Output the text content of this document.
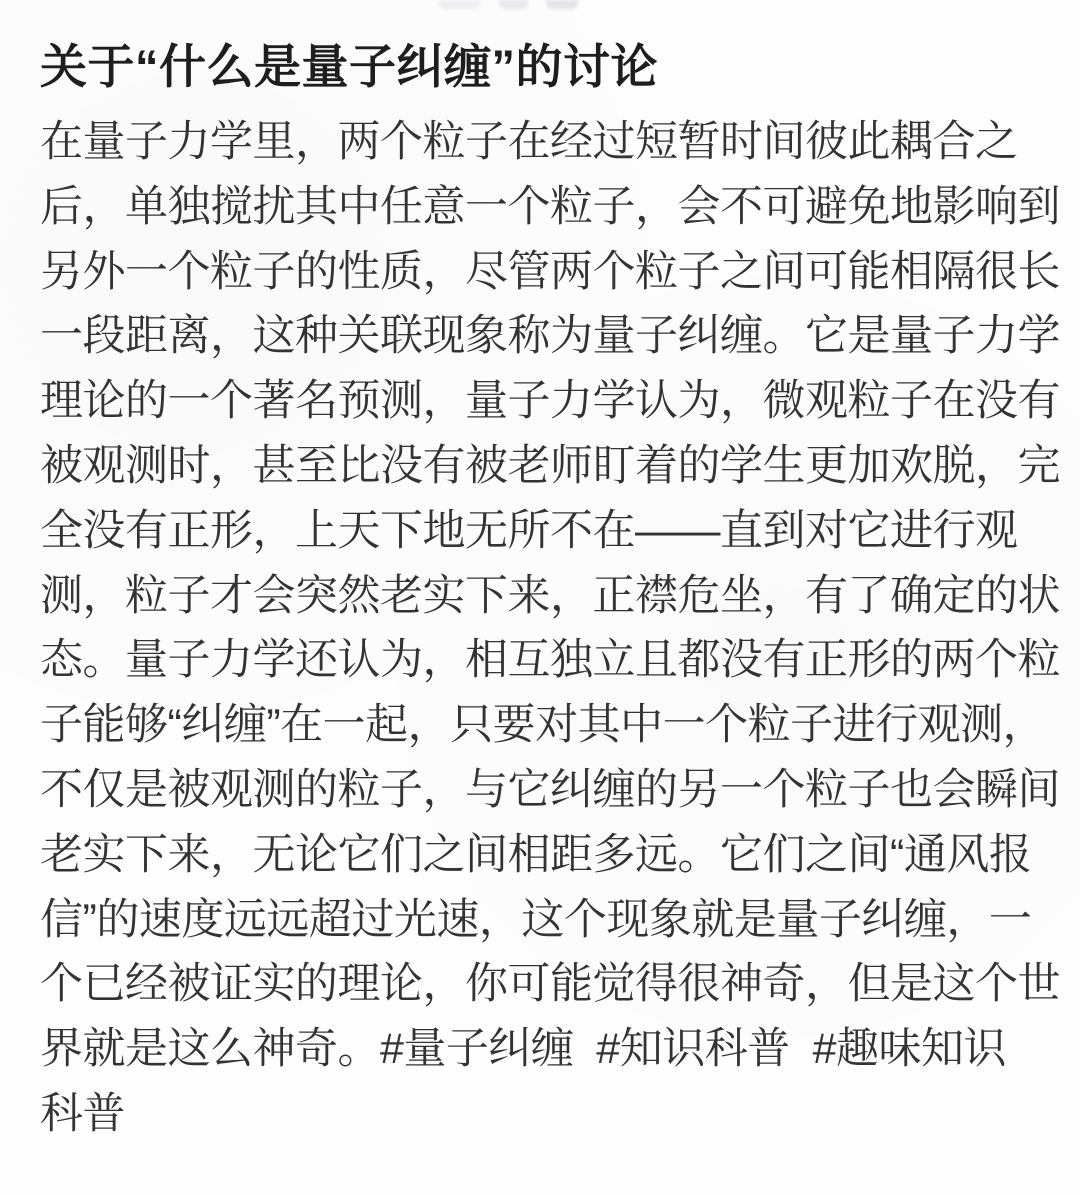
关于“什么是量子纠缠”的讨论
在量子力学里，两个粒子在经过短暂时间彼此耦合之
后，单独搅扰其中任意一个粒子，会不可避免地影响到
另外一个粒子的性质，尽管两个粒子之间可能相隔很长
一段距离，这种关联现象称为量子纠缠。它是量子力学
理论的一个著名预测，量子力学认为，微观粒子在没有
被观测时，甚至比没有被老师盯着的学生更加欢脱，完
全没有正形，上天下地无所不在——直到对它进行观
测，粒子才会突然老实下来，正襟危坐，有了确定的状
态。量子力学还认为，相互独立且都没有正形的两个粒
子能够“纠缠”在一起，只要对其中一个粒子进行观测，
不仅是被观测的粒子，与它纠缠的另一个粒子也会瞬间
老实下来，无论它们之间相距多远。它们之间“通风报
信”的速度远远超过光速，这个现象就是量子纠缠，一
个已经被证实的理论，你可能觉得很神奇，但是这个世
界就是这么神奇。#量子纠缠  #知识科普  #趣味知识
科普
